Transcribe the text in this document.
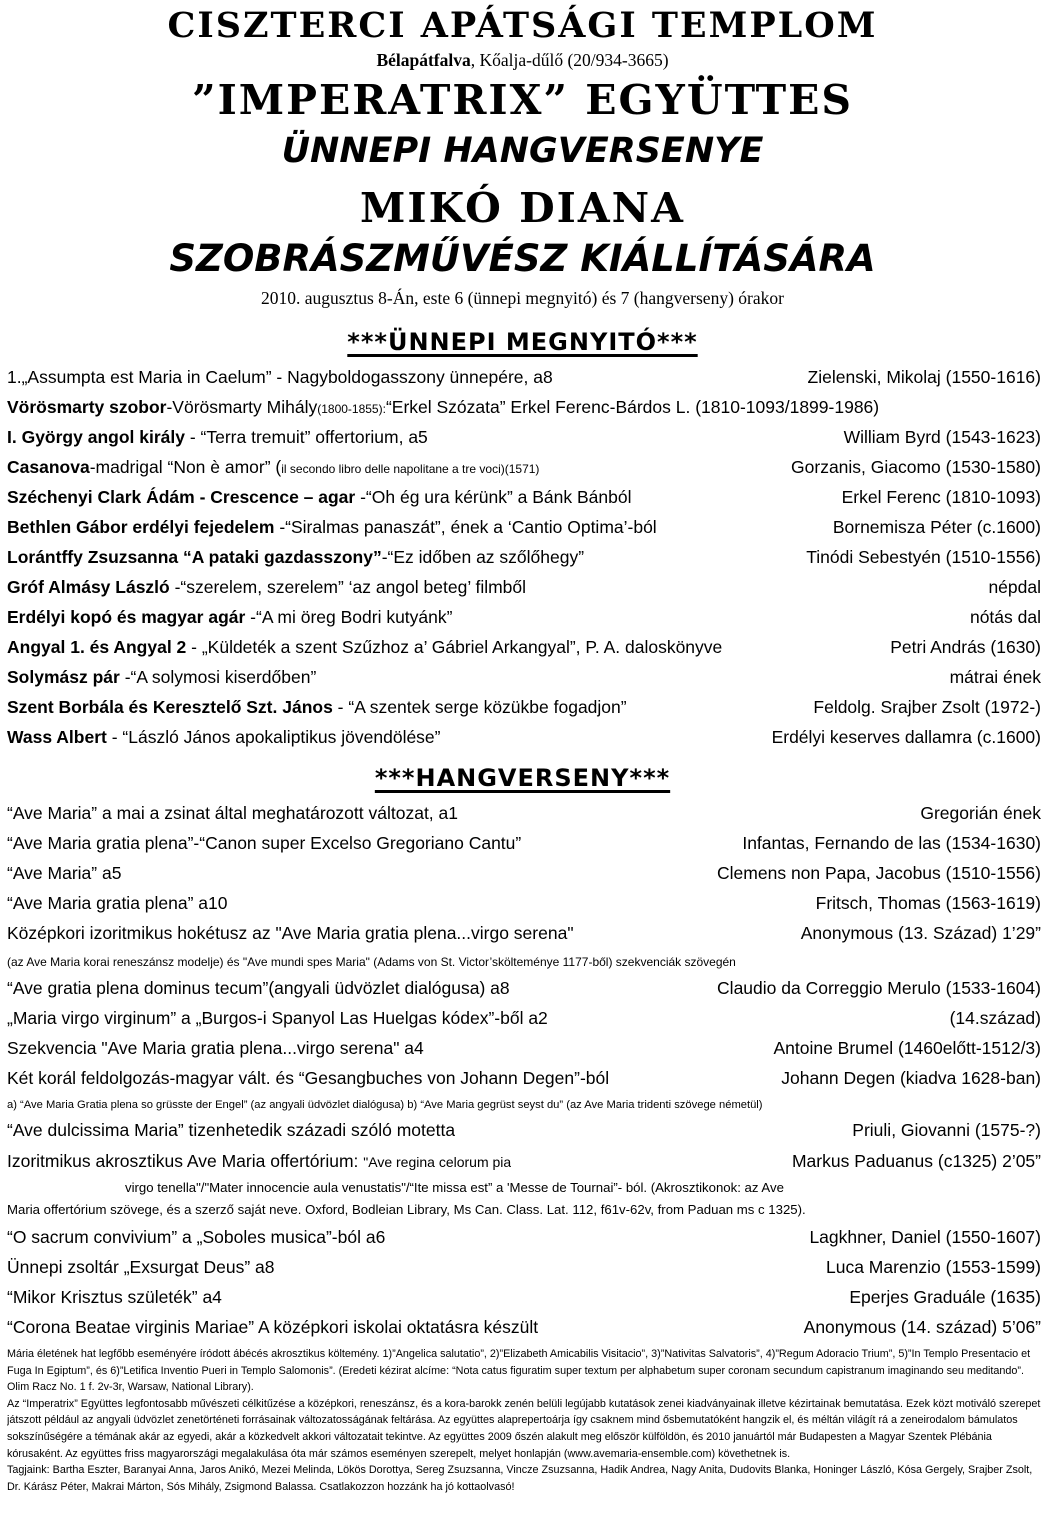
CISZTERCI APÁTSÁGI TEMPLOM
Bélapátfalva, Kőalja-dűlő (20/934-3665)
”IMPERATRIX” EGYÜTTES
ÜNNEPI HANGVERSENYE
MIKÓ DIANA
SZOBRÁSZMŰVÉSZ KIÁLLÍTÁSÁRA
2010. augusztus 8-Án, este 6 (ünnepi megnyitó) és 7 (hangverseny) órakor
***ÜNNEPI MEGNYITÓ***
1.„Assumpta est Maria in Caelum” - Nagyboldogasszony ünnepére, a8	Zielenski, Mikolaj (1550-1616)
Vörösmarty szobor-Vörösmarty Mihály(1800-1855):“Erkel Szózata” Erkel Ferenc-Bárdos L. (1810-1093/1899-1986)
I. György angol király - “Terra tremuit” offertorium, a5	William Byrd (1543-1623)
Casanova-madrigal “Non è amor” (il secondo libro delle napolitane a tre voci)(1571)	Gorzanis, Giacomo (1530-1580)
Széchenyi Clark Ádám - Crescence – agar -“Oh ég ura kérünk” a Bánk Bánból	Erkel Ferenc (1810-1093)
Bethlen Gábor erdélyi fejedelem -“Siralmas panaszát”, ének a ‘Cantio Optima’-ból	Bornemisza Péter (c.1600)
Lorántffy Zsuzsanna “A pataki gazdasszony”-“Ez időben az szőlőhegy”	Tinódi Sebestyén (1510-1556)
Gróf Almásy László -“szerelem, szerelem” ‘az angol beteg’ filmből	népdal
Erdélyi kopó és magyar agár -“A mi öreg Bodri kutyánk”	nótás dal
Angyal 1. és Angyal 2 - „Küldeték a szent Szűzhoz a’ Gábriel Arkangyal”, P. A. daloskönyve	Petri András (1630)
Solymász pár -“A solymosi kiserdőben”	mátrai ének
Szent Borbála és Keresztelő Szt. János - “A szentek serge közükbe fogadjon”	Feldolg. Srajber Zsolt (1972-)
Wass Albert - “László János apokaliptikus jövendölése”	Erdélyi keserves dallamra (c.1600)
***HANGVERSENY***
“Ave Maria” a mai a zsinat által meghatározott változat, a1	Gregorián ének
“Ave Maria gratia plena”-“Canon super Excelso Gregoriano Cantu”	Infantas, Fernando de las (1534-1630)
“Ave Maria” a5	Clemens non Papa, Jacobus (1510-1556)
“Ave Maria gratia plena” a10	Fritsch, Thomas (1563-1619)
Középkori izoritmikus hokétusz az "Ave Maria gratia plena...virgo serena"	Anonymous (13. Század) 1’29”
(az Ave Maria korai reneszánsz modelje) és "Ave mundi spes Maria" (Adams von St. Victor’skölteménye 1177-ből) szekvenciák szövegén
“Ave gratia plena dominus tecum”(angyali üdvözlet dialógusa) a8	Claudio da Correggio Merulo (1533-1604)
„Maria virgo virginum” a „Burgos-i Spanyol Las Huelgas kódex”-ből a2	(14.század)
Szekvencia "Ave Maria gratia plena...virgo serena" a4	Antoine Brumel (1460előtt-1512/3)
Két korál feldolgozás-magyar vált. és “Gesangbuches von Johann Degen”-ból	Johann Degen (kiadva 1628-ban)
a) “Ave Maria Gratia plena so grüsste der Engel” (az angyali üdvözlet dialógusa) b) “Ave Maria gegrüst seyst du” (az Ave Maria tridenti szövege németül)
“Ave dulcissima Maria” tizenhetedik századi szóló motetta	Priuli, Giovanni (1575-?)
Izoritmikus akrosztikus Ave Maria offertórium: "Ave regina celorum pia	Markus Paduanus (c1325) 2’05”
virgo tenella"/"Mater innocencie aula venustatis"/“Ite missa est” a 'Messe de Tournai”- ból. (Akrosztikonok: az Ave
Maria offertórium szövege, és a szerző saját neve. Oxford, Bodleian Library, Ms Can. Class. Lat. 112, f61v-62v, from Paduan ms c 1325).
“O sacrum convivium” a „Soboles musica”-ból a6	Lagkhner, Daniel (1550-1607)
Ünnepi zsoltár „Exsurgat Deus” a8	Luca Marenzio (1553-1599)
“Mikor Krisztus születék” a4	Eperjes Graduále (1635)
“Corona Beatae virginis Mariae” A középkori iskolai oktatásra készült	Anonymous (14. század) 5’06”
Mária életének hat legfőbb eseményére íródott ábécés akrosztikus költemény. 1)”Angelica salutatio”, 2)”Elizabeth Amicabilis Visitacio”, 3)”Nativitas Salvatoris”, 4)”Regum Adoracio Trium”, 5)”In Templo Presentacio et Fuga In Egiptum”, és 6)”Letifica Inventio Pueri in Templo Salomonis”. (Eredeti kézirat alcíme: “Nota catus figuratim super textum per alphabetum super coronam secundum capistranum imaginando seu meditando”. Olim Racz No. 1 f. 2v-3r, Warsaw, National Library).
Az “Imperatrix” Együttes legfontosabb művészeti célkitűzése a középkori, reneszánsz, és a kora-barokk zenén belüli legújabb kutatások zenei kiadványainak illetve kézirtainak bemutatása. Ezek közt motiváló szerepet játszott például az angyali üdvözlet zenetörténeti forrásainak változatosságának feltárása. Az együttes alaprepertoárja így csaknem mind ősbemutatóként hangzik el, és méltán világít rá a zeneirodalom bámulatos sokszínűségére a témának akár az egyedi, akár a közkedvelt akkori változatait tekintve. Az együttes 2009 őszén alakult meg először külföldön, és 2010 januártól már Budapesten a Magyar Szentek Plébánia kórusaként. Az együttes friss magyarországi megalakulása óta már számos eseményen szerepelt, melyet honlapján (www.avemaria-ensemble.com) követhetnek is.
Tagjaink: Bartha Eszter, Baranyai Anna, Jaros Anikó, Mezei Melinda, Lökös Dorottya, Sereg Zsuzsanna, Vincze Zsuzsanna, Hadik Andrea, Nagy Anita, Dudovits Blanka, Honinger László, Kósa Gergely, Srajber Zsolt, Dr. Kárász Péter, Makrai Márton, Sós Mihály, Zsigmond Balassa. Csatlakozzon hozzánk ha jó kottaolvasó!
